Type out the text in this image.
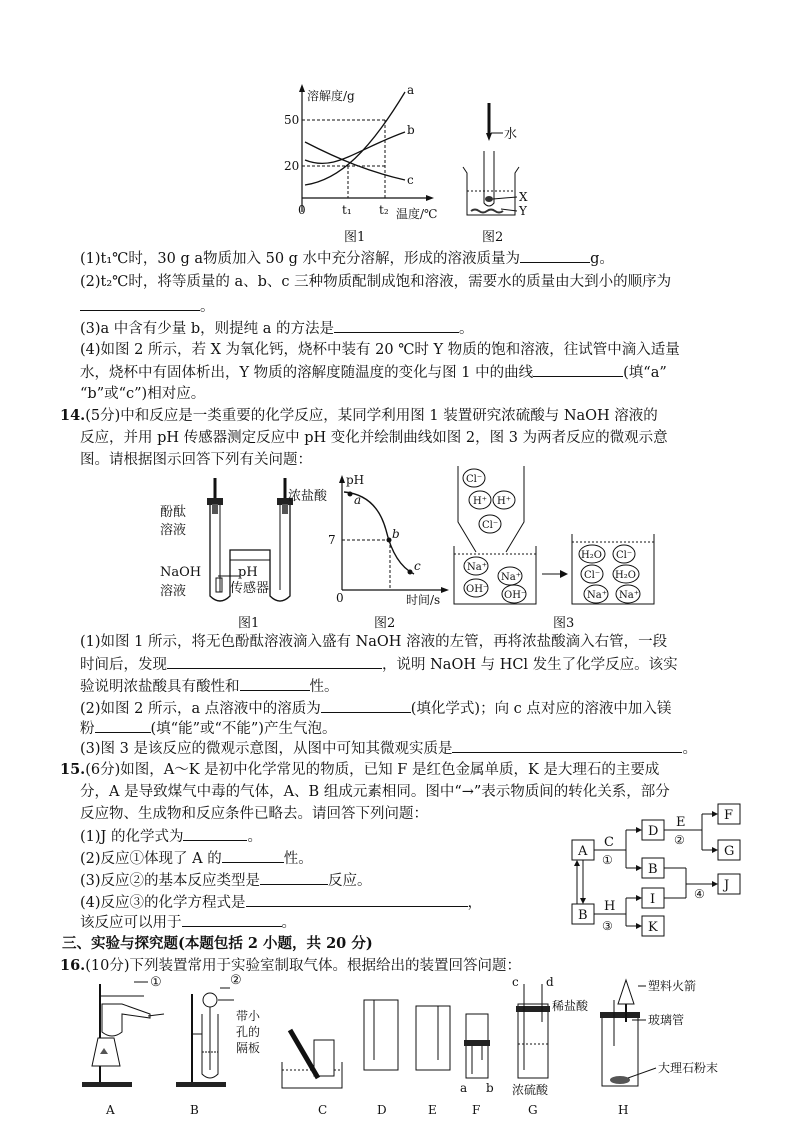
溶解度/g
50
20
0	t₁ t₂ 温度/℃
a
b
c
图1
水
X
Y
图2
(1)t₁℃时，30 g a物质加入 50 g 水中充分溶解，形成的溶液质量为	g。
(2)t₂℃时，将等质量的 a、b、c 三种物质配制成饱和溶液，需要水的质量由大到小的顺序为
。
(3)a 中含有少量 b，则提纯 a 的方法是	。
(4)如图 2 所示，若 X 为氧化钙，烧杯中装有 20 ℃时 Y 物质的饱和溶液，往试管中滴入适量
水，烧杯中有固体析出，Y 物质的溶解度随温度的变化与图 1 中的曲线	(填“a”
“b”或“c”)相对应。
14.(5分)中和反应是一类重要的化学反应，某同学利用图 1 装置研究浓硫酸与 NaOH 溶液的
反应，并用 pH 传感器测定反应中 pH 变化并绘制曲线如图 2，图 3 为两者反应的微观示意
图。请根据图示回答下列有关问题：
酚酞
溶液
浓盐酸
NaOH
溶液
pH
传感器
图1
pH
7
0	时间/s
a
b
c
图2
Cl⁻
H⁺ H⁺
Cl⁻
Na⁺
Na⁺
OH⁻
OH⁻
H₂O Cl⁻
Cl⁻ H₂O
Na⁺ Na⁺
图3
(1)如图 1 所示，将无色酚酞溶液滴入盛有 NaOH 溶液的左管，再将浓盐酸滴入右管，一段
时间后，发现	，说明 NaOH 与 HCl 发生了化学反应。该实
验说明浓盐酸具有酸性和	性。
(2)如图 2 所示，a 点溶液中的溶质为	(填化学式)；向 c 点对应的溶液中加入镁
粉	(填“能”或“不能”)产生气泡。
(3)图 3 是该反应的微观示意图，从图中可知其微观实质是	。
15.(6分)如图，A～K 是初中化学常见的物质，已知 F 是红色金属单质，K 是大理石的主要成
分，A 是导致煤气中毒的气体，A、B 组成元素相同。图中“→”表示物质间的转化关系，部分
反应物、生成物和反应条件已略去。请回答下列问题：
(1)J 的化学式为	。
(2)反应①体现了 A 的	性。
(3)反应②的基本反应类型是	反应。
(4)反应③的化学方程式是	，
该反应可以用于	。
A
B
C
D
E	F
G
H	I
J
K
B
①
②
③
④
三、实验与探究题(本题包括 2 小题，共 20 分)
16.(10分)下列装置常用于实验室制取气体。根据给出的装置回答问题：
①
A
②
带小
孔的
隔板
B	C	D	E
a b
F
c d
浓硫酸
G
稀盐酸
塑料火箭
玻璃管
大理石粉末
H
